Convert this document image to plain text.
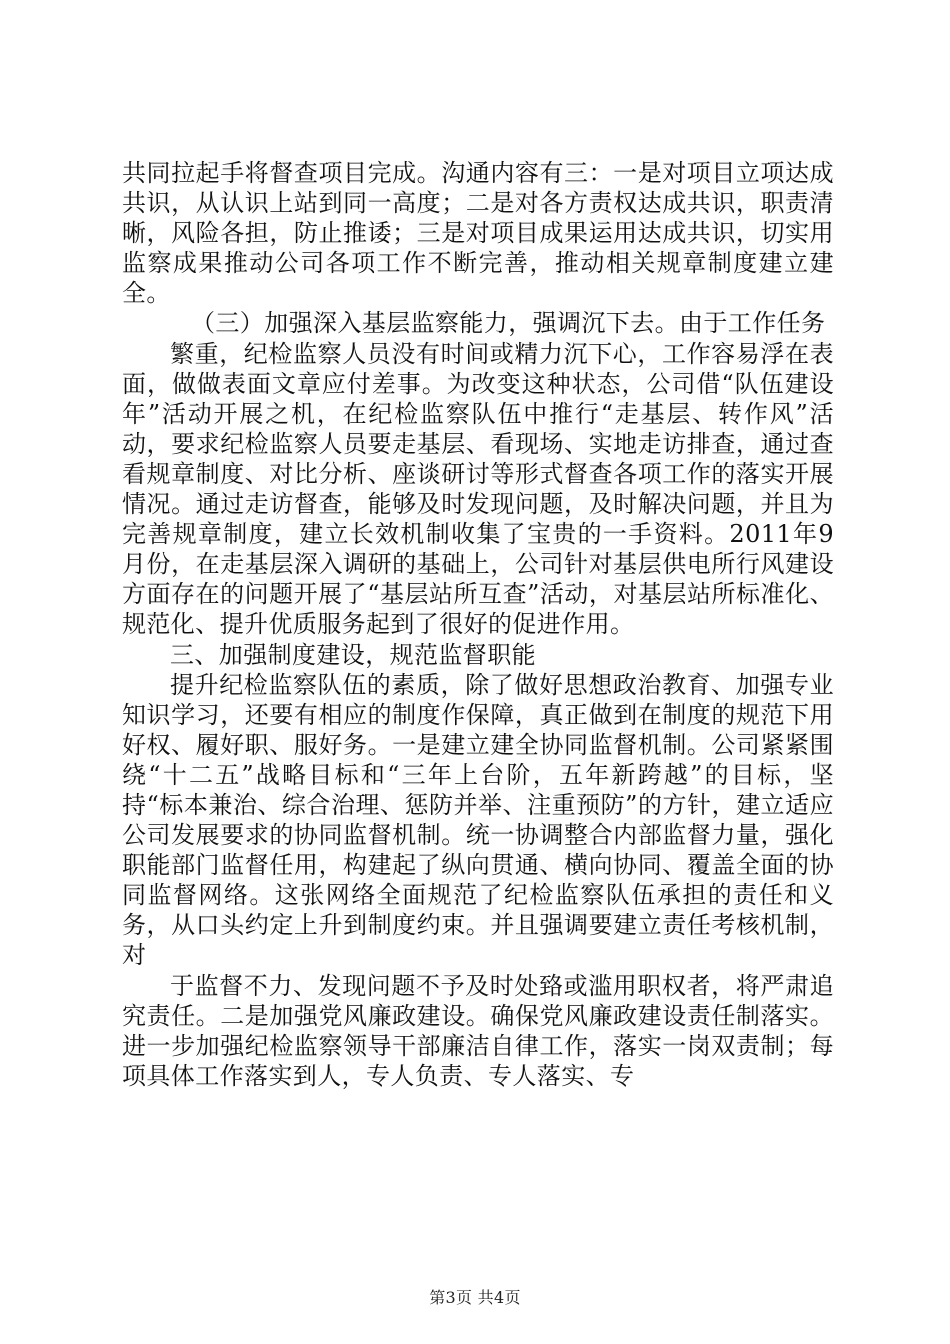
共同拉起手将督查项目完成。沟通内容有三：一是对项目立项达成共识，从认识上站到同一高度；二是对各方责权达成共识，职责清晰，风险各担，防止推诿；三是对项目成果运用达成共识，切实用监察成果推动公司各项工作不断完善，推动相关规章制度建立建全。

（三）加强深入基层监察能力，强调沉下去。由于工作任务

繁重，纪检监察人员没有时间或精力沉下心，工作容易浮在表面，做做表面文章应付差事。为改变这种状态，公司借“队伍建设年”活动开展之机，在纪检监察队伍中推行“走基层、转作风”活动，要求纪检监察人员要走基层、看现场、实地走访排查，通过查看规章制度、对比分析、座谈研讨等形式督查各项工作的落实开展情况。通过走访督查，能够及时发现问题，及时解决问题，并且为完善规章制度，建立长效机制收集了宝贵的一手资料。2011年9月份，在走基层深入调研的基础上，公司针对基层供电所行风建设方面存在的问题开展了“基层站所互查”活动，对基层站所标准化、规范化、提升优质服务起到了很好的促进作用。

三、加强制度建设，规范监督职能

提升纪检监察队伍的素质，除了做好思想政治教育、加强专业知识学习，还要有相应的制度作保障，真正做到在制度的规范下用好权、履好职、服好务。一是建立建全协同监督机制。公司紧紧围绕“十二五”战略目标和“三年上台阶，五年新跨越”的目标，坚持“标本兼治、综合治理、惩防并举、注重预防”的方针，建立适应公司发展要求的协同监督机制。统一协调整合内部监督力量，强化职能部门监督任用，构建起了纵向贯通、横向协同、覆盖全面的协同监督网络。这张网络全面规范了纪检监察队伍承担的责任和义务，从口头约定上升到制度约束。并且强调要建立责任考核机制，对

于监督不力、发现问题不予及时处臵或滥用职权者，将严肃追究责任。二是加强党风廉政建设。确保党风廉政建设责任制落实。进一步加强纪检监察领导干部廉洁自律工作，落实一岗双责制；每项具体工作落实到人，专人负责、专人落实、专

第3页 共4页
